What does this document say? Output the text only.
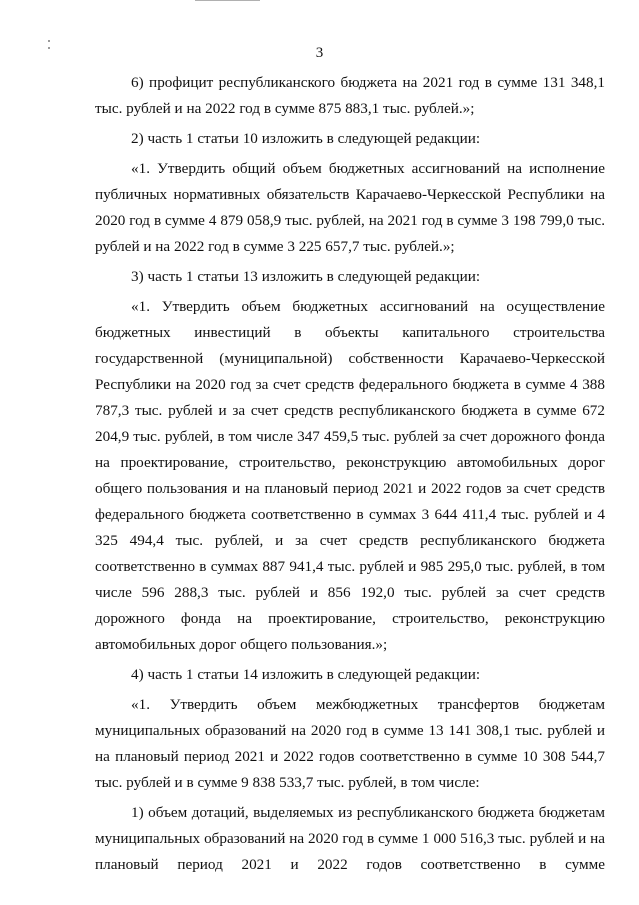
3

6) профицит республиканского бюджета на 2021 год в сумме 131 348,1 тыс. рублей и на 2022 год в сумме 875 883,1 тыс. рублей.»;

2) часть 1 статьи 10 изложить в следующей редакции:

«1. Утвердить общий объем бюджетных ассигнований на исполнение публичных нормативных обязательств Карачаево-Черкесской Республики на 2020 год в сумме 4 879 058,9 тыс. рублей, на 2021 год в сумме 3 198 799,0 тыс. рублей и на 2022 год в сумме 3 225 657,7 тыс. рублей.»;

3) часть 1 статьи 13 изложить в следующей редакции:

«1. Утвердить объем бюджетных ассигнований на осуществление бюджетных инвестиций в объекты капитального строительства государственной (муниципальной) собственности Карачаево-Черкесской Республики на 2020 год за счет средств федерального бюджета в сумме 4 388 787,3 тыс. рублей и за счет средств республиканского бюджета в сумме 672 204,9 тыс. рублей, в том числе 347 459,5 тыс. рублей за счет дорожного фонда на проектирование, строительство, реконструкцию автомобильных дорог общего пользования и на плановый период 2021 и 2022 годов за счет средств федерального бюджета соответственно в суммах 3 644 411,4 тыс. рублей и 4 325 494,4 тыс. рублей, и за счет средств республиканского бюджета соответственно в суммах 887 941,4 тыс. рублей и 985 295,0 тыс. рублей, в том числе 596 288,3 тыс. рублей и 856 192,0 тыс. рублей за счет средств дорожного фонда на проектирование, строительство, реконструкцию автомобильных дорог общего пользования.»;

4) часть 1 статьи 14 изложить в следующей редакции:

«1. Утвердить объем межбюджетных трансфертов бюджетам муниципальных образований на 2020 год в сумме 13 141 308,1 тыс. рублей и на плановый период 2021 и 2022 годов соответственно в сумме 10 308 544,7 тыс. рублей и в сумме 9 838 533,7 тыс. рублей, в том числе:

1) объем дотаций, выделяемых из республиканского бюджета бюджетам муниципальных образований на 2020 год в сумме 1 000 516,3 тыс. рублей и на плановый период 2021 и 2022 годов соответственно в сумме
